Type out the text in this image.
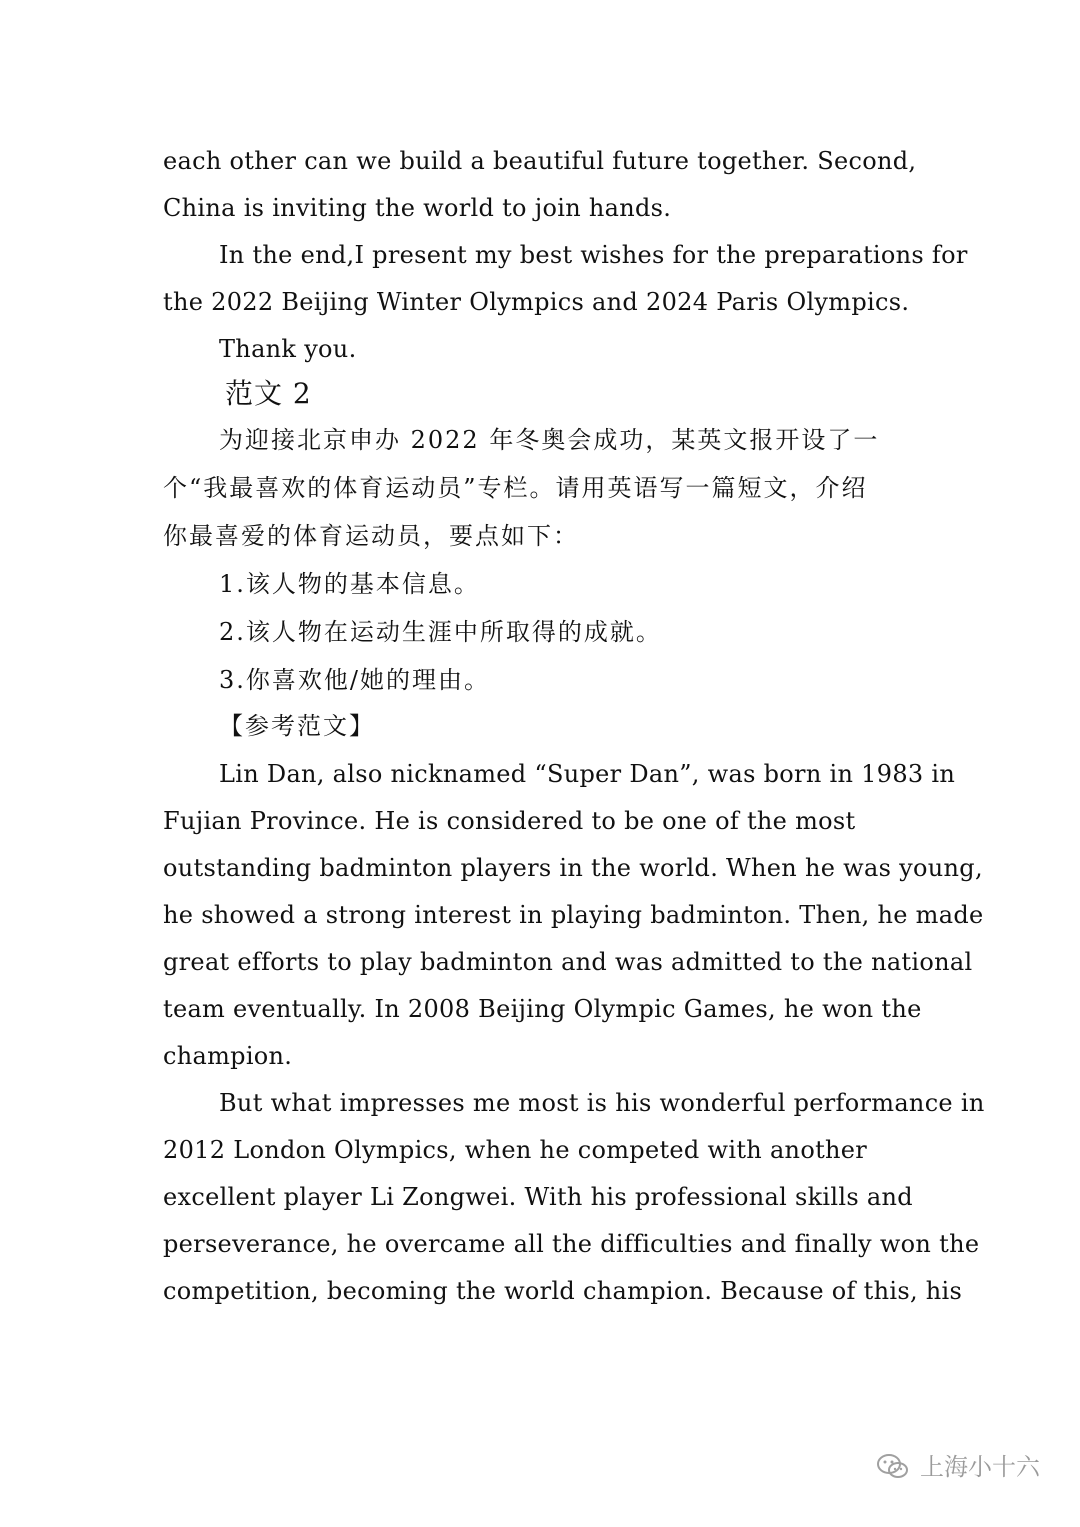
each other can we build a beautiful future together. Second,
China is inviting the world to join hands.
In the end,I present my best wishes for the preparations for
the 2022 Beijing Winter Olympics and 2024 Paris Olympics.
Thank you.
范文 2
为迎接北京申办 2022 年冬奥会成功，某英文报开设了一
个“我最喜欢的体育运动员”专栏。请用英语写一篇短文，介绍
你最喜爱的体育运动员，要点如下：
1.该人物的基本信息。
2.该人物在运动生涯中所取得的成就。
3.你喜欢他/她的理由。
【参考范文】
Lin Dan, also nicknamed “Super Dan”, was born in 1983 in
Fujian Province. He is considered to be one of the most
outstanding badminton players in the world. When he was young,
he showed a strong interest in playing badminton. Then, he made
great efforts to play badminton and was admitted to the national
team eventually. In 2008 Beijing Olympic Games, he won the
champion.
But what impresses me most is his wonderful performance in
2012 London Olympics, when he competed with another
excellent player Li Zongwei. With his professional skills and
perseverance, he overcame all the difficulties and finally won the
competition, becoming the world champion. Because of this, his
上海小十六
